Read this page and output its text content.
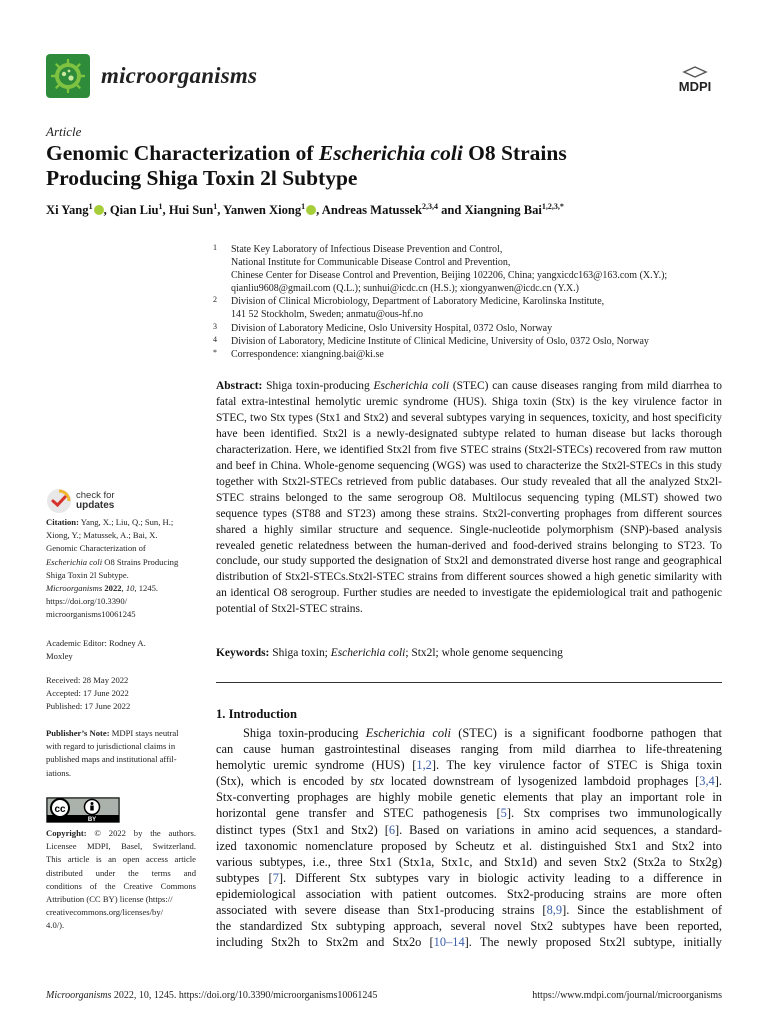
microorganisms	MDPI
Article
Genomic Characterization of Escherichia coli O8 Strains
Producing Shiga Toxin 2l Subtype
Xi Yang$^1$ , Qian Liu$^1$, Hui Sun$^1$, Yanwen Xiong$^1$ , Andreas Matussek$^{2,3,4}$ and Xiangning Bai$^{1,2,3,*}$
1 State Key Laboratory of Infectious Disease Prevention and Control,
National Institute for Communicable Disease Control and Prevention,
Chinese Center for Disease Control and Prevention, Beijing 102206, China; yangxicdc163@163.com (X.Y.);
qianliu9608@gmail.com (Q.L.); sunhui@icdc.cn (H.S.); xiongyanwen@icdc.cn (Y.X.)
2 Division of Clinical Microbiology, Department of Laboratory Medicine, Karolinska Institute,
141 52 Stockholm, Sweden; anmatu@ous-hf.no
3 Division of Laboratory Medicine, Oslo University Hospital, 0372 Oslo, Norway
4 Division of Laboratory, Medicine Institute of Clinical Medicine, University of Oslo, 0372 Oslo, Norway
* Correspondence: xiangning.bai@ki.se
check for
updates
Citation: Yang, X.; Liu, Q.; Sun, H.;
Xiong, Y.; Matussek, A.; Bai, X.
Genomic Characterization of
Escherichia coli O8 Strains Producing
Shiga Toxin 2l Subtype.
Microorganisms 2022, 10, 1245.
https://doi.org/10.3390/
microorganisms10061245
Academic Editor: Rodney A.
Moxley
Received: 28 May 2022
Accepted: 17 June 2022
Published: 17 June 2022
Publisher’s Note: MDPI stays neutral
with regard to jurisdictional claims in
published maps and institutional affil-
iations.
cc
BY
Copyright: © 2022 by the authors.
Licensee MDPI, Basel, Switzerland.
This article is an open access article
distributed under the terms and
conditions of the Creative Commons
Attribution (CC BY) license (https://
creativecommons.org/licenses/by/
4.0/).

Abstract: Shiga toxin-producing Escherichia coli (STEC) can cause diseases ranging from mild diarrhea to fatal extra-intestinal hemolytic uremic syndrome (HUS). Shiga toxin (Stx) is the key virulence factor in STEC, two Stx types (Stx1 and Stx2) and several subtypes varying in sequences, toxicity, and host specificity have been identified. Stx2l is a newly-designated subtype related to human disease but lacks thorough characterization. Here, we identified Stx2l from five STEC strains (Stx2l-STECs) recovered from raw mutton and beef in China. Whole-genome sequencing (WGS) was used to characterize the Stx2l-STECs in this study together with Stx2l-STECs retrieved from public databases. Our study revealed that all the analyzed Stx2l-STEC strains belonged to the same serogroup O8. Multilocus sequencing typing (MLST) showed two sequence types (ST88 and ST23) among these strains. Stx2l-converting prophages from different sources shared a highly similar structure and sequence. Single-nucleotide polymorphism (SNP)-based analysis revealed genetic relatedness between the human-derived and food-derived strains belonging to ST23. To conclude, our study supported the designation of Stx2l and demonstrated diverse host range and geographical distribution of Stx2l-STECs.Stx2l-STEC strains from different sources showed a high genetic similarity with an identical O8 serogroup. Further studies are needed to investigate the epidemiological trait and pathogenic potential of Stx2l-STEC strains.

Keywords: Shiga toxin; Escherichia coli; Stx2l; whole genome sequencing
1. Introduction
Shiga toxin-producing Escherichia coli (STEC) is a significant foodborne pathogen that
can cause human gastrointestinal diseases ranging from mild diarrhea to life-threatening
hemolytic uremic syndrome (HUS) [1,2]. The key virulence factor of STEC is Shiga toxin
(Stx), which is encoded by stx located downstream of lysogenized lambdoid prophages [3,4].
Stx-converting prophages are highly mobile genetic elements that play an important role in
horizontal gene transfer and STEC pathogenesis [5]. Stx comprises two immunologically
distinct types (Stx1 and Stx2) [6]. Based on variations in amino acid sequences, a standard-
ized taxonomic nomenclature proposed by Scheutz et al. distinguished Stx1 and Stx2 into
various subtypes, i.e., three Stx1 (Stx1a, Stx1c, and Stx1d) and seven Stx2 (Stx2a to Stx2g)
subtypes [7]. Different Stx subtypes vary in biologic activity leading to a difference in
epidemiological association with patient outcomes. Stx2-producing strains are more often
associated with severe disease than Stx1-producing strains [8,9]. Since the establishment of
the standardized Stx subtyping approach, several novel Stx2 subtypes have been reported,
including Stx2h to Stx2m and Stx2o [10–14]. The newly proposed Stx2l subtype, initially
Microorganisms 2022, 10, 1245. https://doi.org/10.3390/microorganisms10061245	https://www.mdpi.com/journal/microorganisms
